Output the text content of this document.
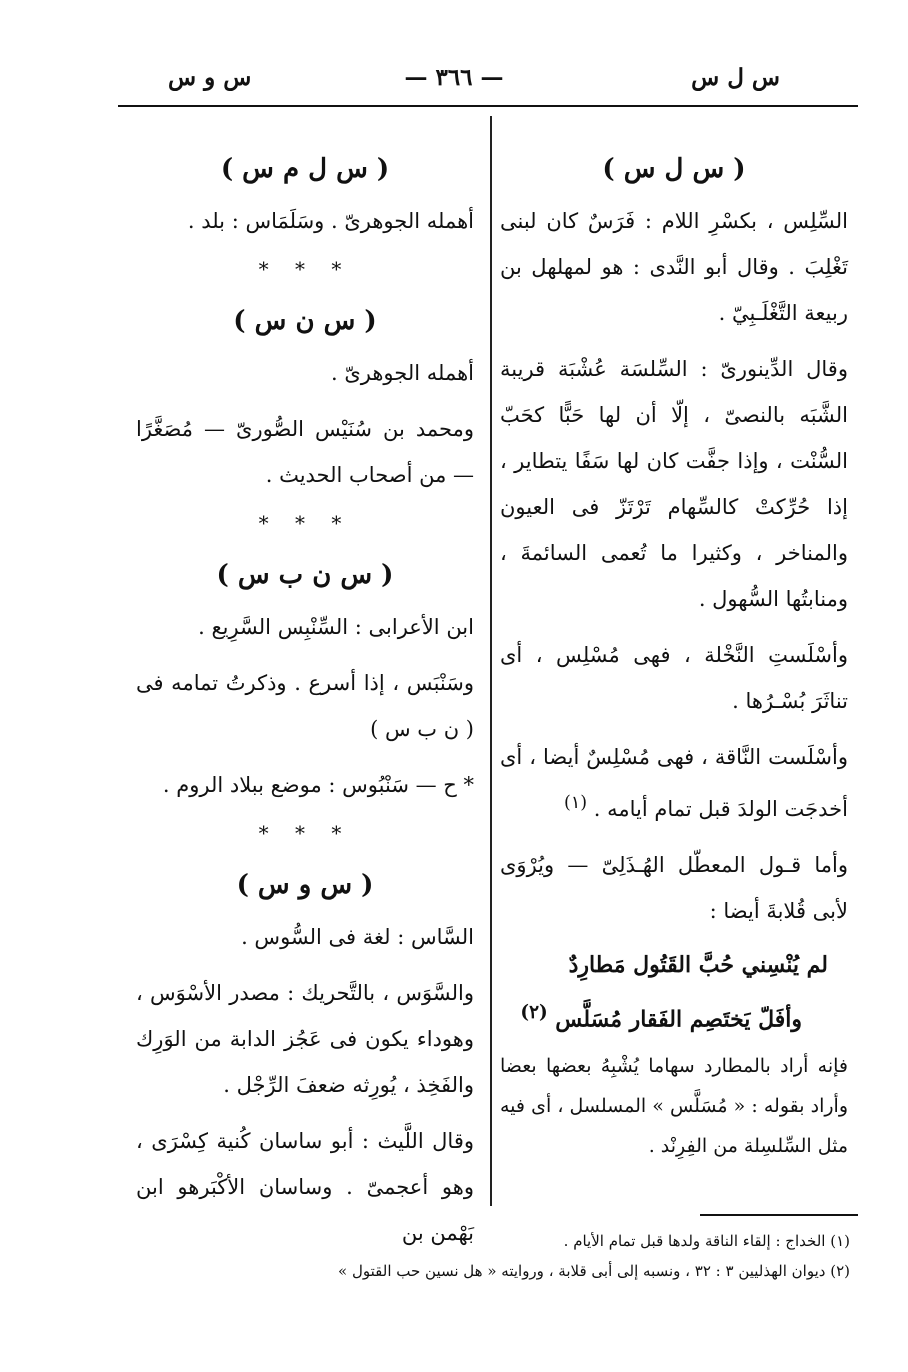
س ل س
— ٣٦٦ —
س و س
( س ل س )

السِّلِس ، بكسْرِ اللام : فَرَسٌ كان لبنى تَغْلِبَ . وقال أبو النَّدى : هو لمهلهل بن ربيعة التَّغْلَـبِيّ .

وقال الدِّينورىّ : السِّلسَة عُشْبَة قريبة الشَّبَه بالنصىّ ، إلّا أن لها حَبًّا كحَبّ السُّنْت ، وإذا جفَّت كان لها سَفًا يتطاير ، إذا حُرِّكتْ كالسِّهام تَرْتَزّ فى العيون والمناخر ، وكثيرا ما تُعمى السائمةَ ، ومنابتُها السُّهول .

وأسْلَستِ النَّخْلة ، فهى مُسْلِس ، أى تناثَرَ بُسْـرُها .

وأسْلَست النَّاقة ، فهى مُسْلِسٌ أيضا ، أى أخدجَت الولدَ قبل تمام أيامه . $^{(١)}$

وأما قـول المعطّل الهُـذَلِىّ — ويُرْوَى لأبى قُلابةَ أيضا :

لم يُنْسِني حُبَّ القَتُول مَطارِدٌ
وأفَلّ يَختَصِم الفَقار مُسَلَّس $^{(٢)}$

فإنه أراد بالمطارد سهاما يُشْبِهُ بعضها بعضا وأراد بقوله : « مُسَلَّس » المسلسل ، أى فيه مثل السِّلسِلة من الفِرِنْد .

( س ل م س )

أهمله الجوهرىّ . وسَلَمَاس : بلد .

* * *
( س ن س )

أهمله الجوهرىّ .

ومحمد بن سُنَيْس الصُّورىّ — مُصَغَّرًا — من أصحاب الحديث .

* * *
( س ن ب س )

ابن الأعرابى : السِّنْبِس السَّرِيع .

وسَنْبَس ، إذا أسرع . وذكرتُ تمامه فى ( ن ب س )

* ح — سَنْبُوس : موضع ببلاد الروم .

* * *
( س و س )

السَّاس : لغة فى السُّوس .

والسَّوَس ، بالتَّحريك : مصدر الأسْوَس ، وهوداء يكون فى عَجُز الدابة من الوَرِك والفَخِذ ، يُورِثه ضعفَ الرِّجْل .

وقال اللَّيث : أبو ساسان كُنية كِسْرَى ، وهو أعجمىّ . وساسان الأكْبَرهو ابن بَهْمن بن	(١) الخداج : إلقاء الناقة ولدها قبل تمام الأيام .
(٢) ديوان الهذليين ٣ : ٣٢ ، ونسبه إلى أبى قلابة ، وروايته « هل نسين حب القتول »
